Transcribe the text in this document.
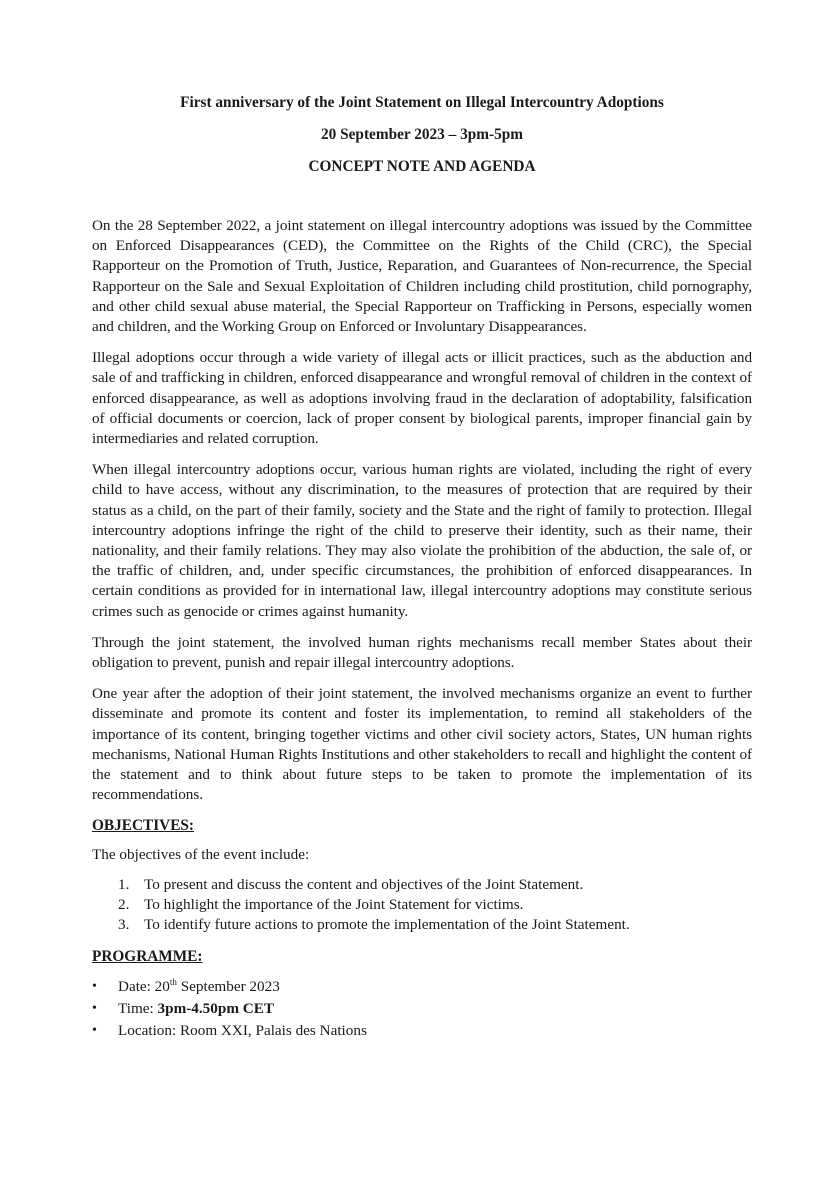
First anniversary of the Joint Statement on Illegal Intercountry Adoptions

20 September 2023 – 3pm-5pm

CONCEPT NOTE AND AGENDA

On the 28 September 2022, a joint statement on illegal intercountry adoptions was issued by the Committee on Enforced Disappearances (CED), the Committee on the Rights of the Child (CRC), the Special Rapporteur on the Promotion of Truth, Justice, Reparation, and Guarantees of Non-recurrence, the Special Rapporteur on the Sale and Sexual Exploitation of Children including child prostitution, child pornography, and other child sexual abuse material, the Special Rapporteur on Trafficking in Persons, especially women and children, and the Working Group on Enforced or Involuntary Disappearances.

Illegal adoptions occur through a wide variety of illegal acts or illicit practices, such as the abduction and sale of and trafficking in children, enforced disappearance and wrongful removal of children in the context of enforced disappearance, as well as adoptions involving fraud in the declaration of adoptability, falsification of official documents or coercion, lack of proper consent by biological parents, improper financial gain by intermediaries and related corruption.

When illegal intercountry adoptions occur, various human rights are violated, including the right of every child to have access, without any discrimination, to the measures of protection that are required by their status as a child, on the part of their family, society and the State and the right of family to protection. Illegal intercountry adoptions infringe the right of the child to preserve their identity, such as their name, their nationality, and their family relations. They may also violate the prohibition of the abduction, the sale of, or the traffic of children, and, under specific circumstances, the prohibition of enforced disappearances. In certain conditions as provided for in international law, illegal intercountry adoptions may constitute serious crimes such as genocide or crimes against humanity.

Through the joint statement, the involved human rights mechanisms recall member States about their obligation to prevent, punish and repair illegal intercountry adoptions.

One year after the adoption of their joint statement, the involved mechanisms organize an event to further disseminate and promote its content and foster its implementation, to remind all stakeholders of the importance of its content, bringing together victims and other civil society actors, States, UN human rights mechanisms, National Human Rights Institutions and other stakeholders to recall and highlight the content of the statement and to think about future steps to be taken to promote the implementation of its recommendations.

OBJECTIVES:

The objectives of the event include:

1. To present and discuss the content and objectives of the Joint Statement.
2. To highlight the importance of the Joint Statement for victims.
3. To identify future actions to promote the implementation of the Joint Statement.

PROGRAMME:

• Date: 20th September 2023
• Time: 3pm-4.50pm CET
• Location: Room XXI, Palais des Nations
